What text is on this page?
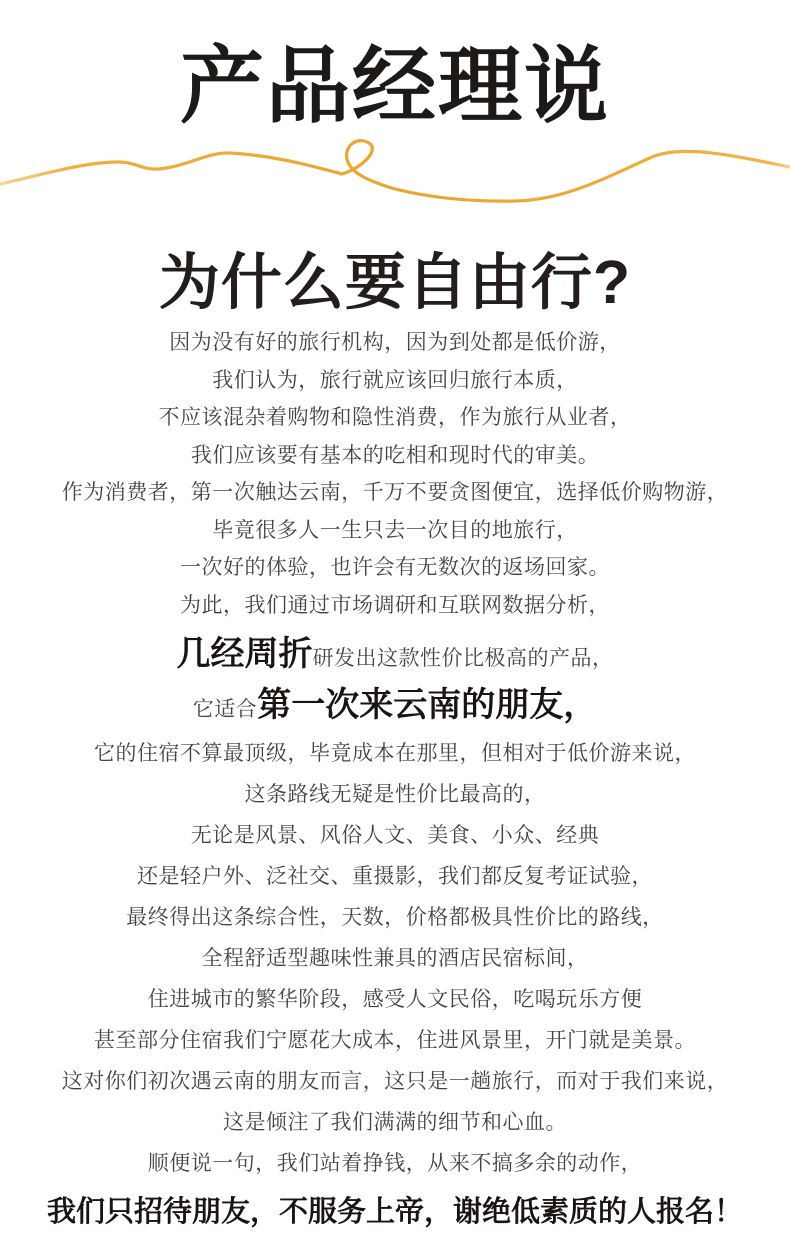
产品经理说
为什么要自由行?

因为没有好的旅行机构，因为到处都是低价游，

我们认为，旅行就应该回归旅行本质，

不应该混杂着购物和隐性消费，作为旅行从业者，

我们应该要有基本的吃相和现时代的审美。

作为消费者，第一次触达云南，千万不要贪图便宜，选择低价购物游，

毕竟很多人一生只去一次目的地旅行，

一次好的体验，也许会有无数次的返场回家。

为此，我们通过市场调研和互联网数据分析，

几经周折研发出这款性价比极高的产品，

它适合第一次来云南的朋友，

它的住宿不算最顶级，毕竟成本在那里，但相对于低价游来说，

这条路线无疑是性价比最高的，

无论是风景、风俗人文、美食、小众、经典

还是轻户外、泛社交、重摄影，我们都反复考证试验，

最终得出这条综合性，天数，价格都极具性价比的路线，

全程舒适型趣味性兼具的酒店民宿标间，

住进城市的繁华阶段，感受人文民俗，吃喝玩乐方便

甚至部分住宿我们宁愿花大成本，住进风景里，开门就是美景。

这对你们初次遇云南的朋友而言，这只是一趟旅行，而对于我们来说，

这是倾注了我们满满的细节和心血。

顺便说一句，我们站着挣钱，从来不搞多余的动作，

我们只招待朋友，不服务上帝，谢绝低素质的人报名！
